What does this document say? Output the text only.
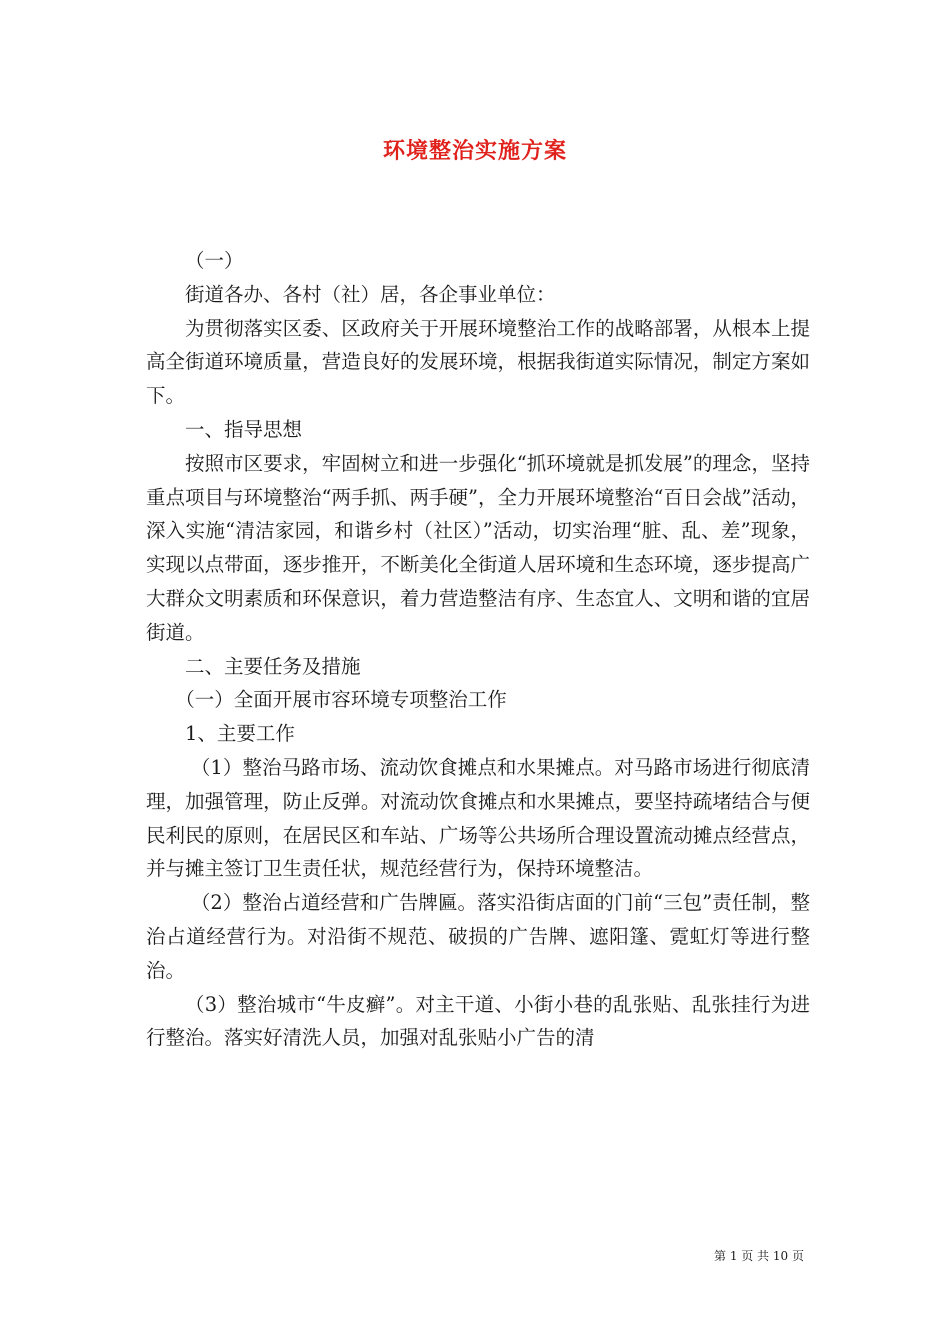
环境整治实施方案

（一）

街道各办、各村（社）居，各企事业单位：

为贯彻落实区委、区政府关于开展环境整治工作的战略部署，从根本上提高全街道环境质量，营造良好的发展环境，根据我街道实际情况，制定方案如下。

一、指导思想

按照市区要求，牢固树立和进一步强化“抓环境就是抓发展”的理念，坚持重点项目与环境整治“两手抓、两手硬”，全力开展环境整治“百日会战”活动，深入实施“清洁家园，和谐乡村（社区）”活动，切实治理“脏、乱、差”现象，实现以点带面，逐步推开，不断美化全街道人居环境和生态环境，逐步提高广大群众文明素质和环保意识，着力营造整洁有序、生态宜人、文明和谐的宜居街道。

二、主要任务及措施

（一）全面开展市容环境专项整治工作

1、主要工作

（1）整治马路市场、流动饮食摊点和水果摊点。对马路市场进行彻底清理，加强管理，防止反弹。对流动饮食摊点和水果摊点，要坚持疏堵结合与便民利民的原则，在居民区和车站、广场等公共场所合理设置流动摊点经营点，并与摊主签订卫生责任状，规范经营行为，保持环境整洁。

（2）整治占道经营和广告牌匾。落实沿街店面的门前“三包”责任制，整治占道经营行为。对沿街不规范、破损的广告牌、遮阳篷、霓虹灯等进行整治。

（3）整治城市“牛皮癣”。对主干道、小街小巷的乱张贴、乱张挂行为进行整治。落实好清洗人员，加强对乱张贴小广告的清

第 1 页 共 10 页
